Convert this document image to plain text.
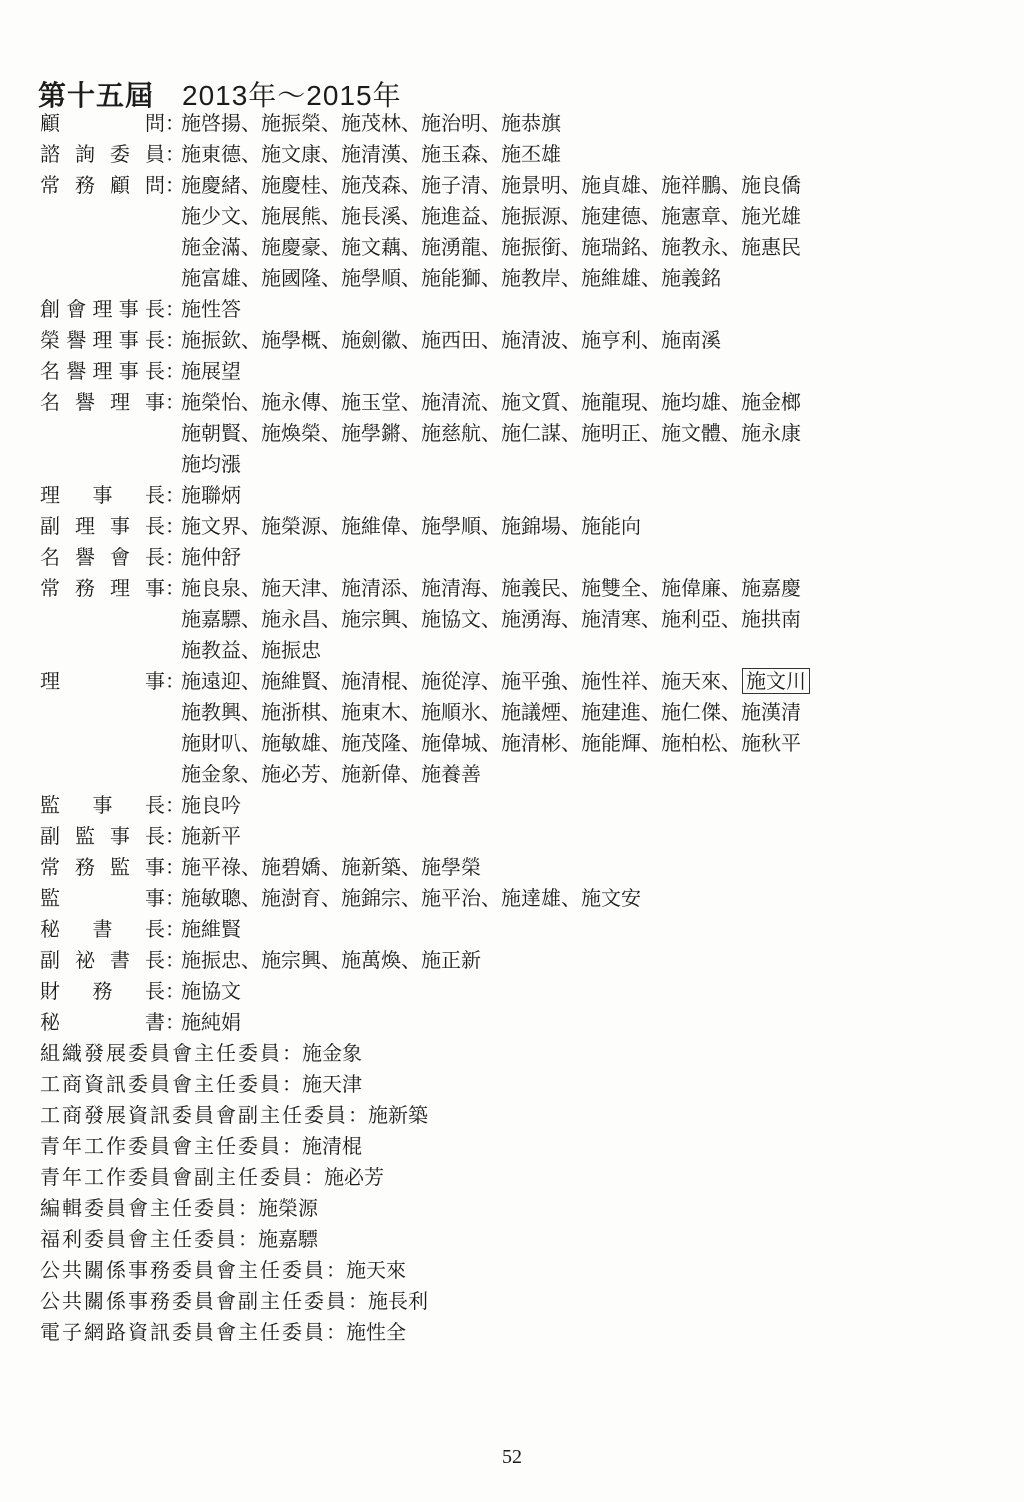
第十五屆 2013年～2015年
顧	問 ：
施啓揚、施振榮、施茂林、施治明、施恭旗
諮 詢 委 員 ：
施東德、施文康、施清漢、施玉森、施丕雄
常 務 顧 問 ：
施慶緒、施慶桂、施茂森、施子清、施景明、施貞雄、施祥鵬、施良僑
施少文、施展熊、施長溪、施進益、施振源、施建德、施憲章、施光雄
施金滿、施慶豪、施文藕、施湧龍、施振銜、施瑞銘、施教永、施惠民
施富雄、施國隆、施學順、施能獅、施教岸、施維雄、施義銘
創 會 理 事 長 ：
施性答
榮 譽 理 事 長 ：
施振欽、施學概、施劍徽、施西田、施清波、施亨利、施南溪
名 譽 理 事 長 ：
施展望
名 譽 理 事 ：
施榮怡、施永傳、施玉堂、施清流、施文質、施龍現、施均雄、施金榔
施朝賢、施煥榮、施學鏘、施慈航、施仁謀、施明正、施文體、施永康
施均漲
理 事 長 ：
施聯炳
副 理 事 長 ：
施文界、施榮源、施維偉、施學順、施錦場、施能向
名 譽 會 長 ：
施仲舒
常 務 理 事 ：
施良泉、施天津、施清添、施清海、施義民、施雙全、施偉廉、施嘉慶
施嘉驃、施永昌、施宗興、施協文、施湧海、施清寒、施利亞、施拱南
施教益、施振忠
理	事 ：
施遠迎、施維賢、施清棍、施從淳、施平強、施性祥、施天來、 施文川
施教興、施浙棋、施東木、施順氷、施議煙、施建進、施仁傑、施漢清
施財叭、施敏雄、施茂隆、施偉城、施清彬、施能輝、施柏松、施秋平
施金象、施必芳、施新偉、施養善
監 事 長 ：
施良吟
副 監 事 長 ：
施新平
常 務 監 事 ：
施平祿、施碧嬌、施新築、施學榮
監	事 ：
施敏聰、施澍育、施錦宗、施平治、施達雄、施文安
秘 書 長 ：
施維賢
副 祕 書 長 ：
施振忠、施宗興、施萬煥、施正新
財 務 長 ：
施協文
秘	書 ：
施純娟
組織發展委員會主任委員：施金象
工商資訊委員會主任委員：施天津
工商發展資訊委員會副主任委員：施新築
青年工作委員會主任委員：施清棍
青年工作委員會副主任委員：施必芳
編輯委員會主任委員：施榮源
福利委員會主任委員：施嘉驃
公共關係事務委員會主任委員：施天來
公共關係事務委員會副主任委員：施長利
電子網路資訊委員會主任委員：施性全
52
